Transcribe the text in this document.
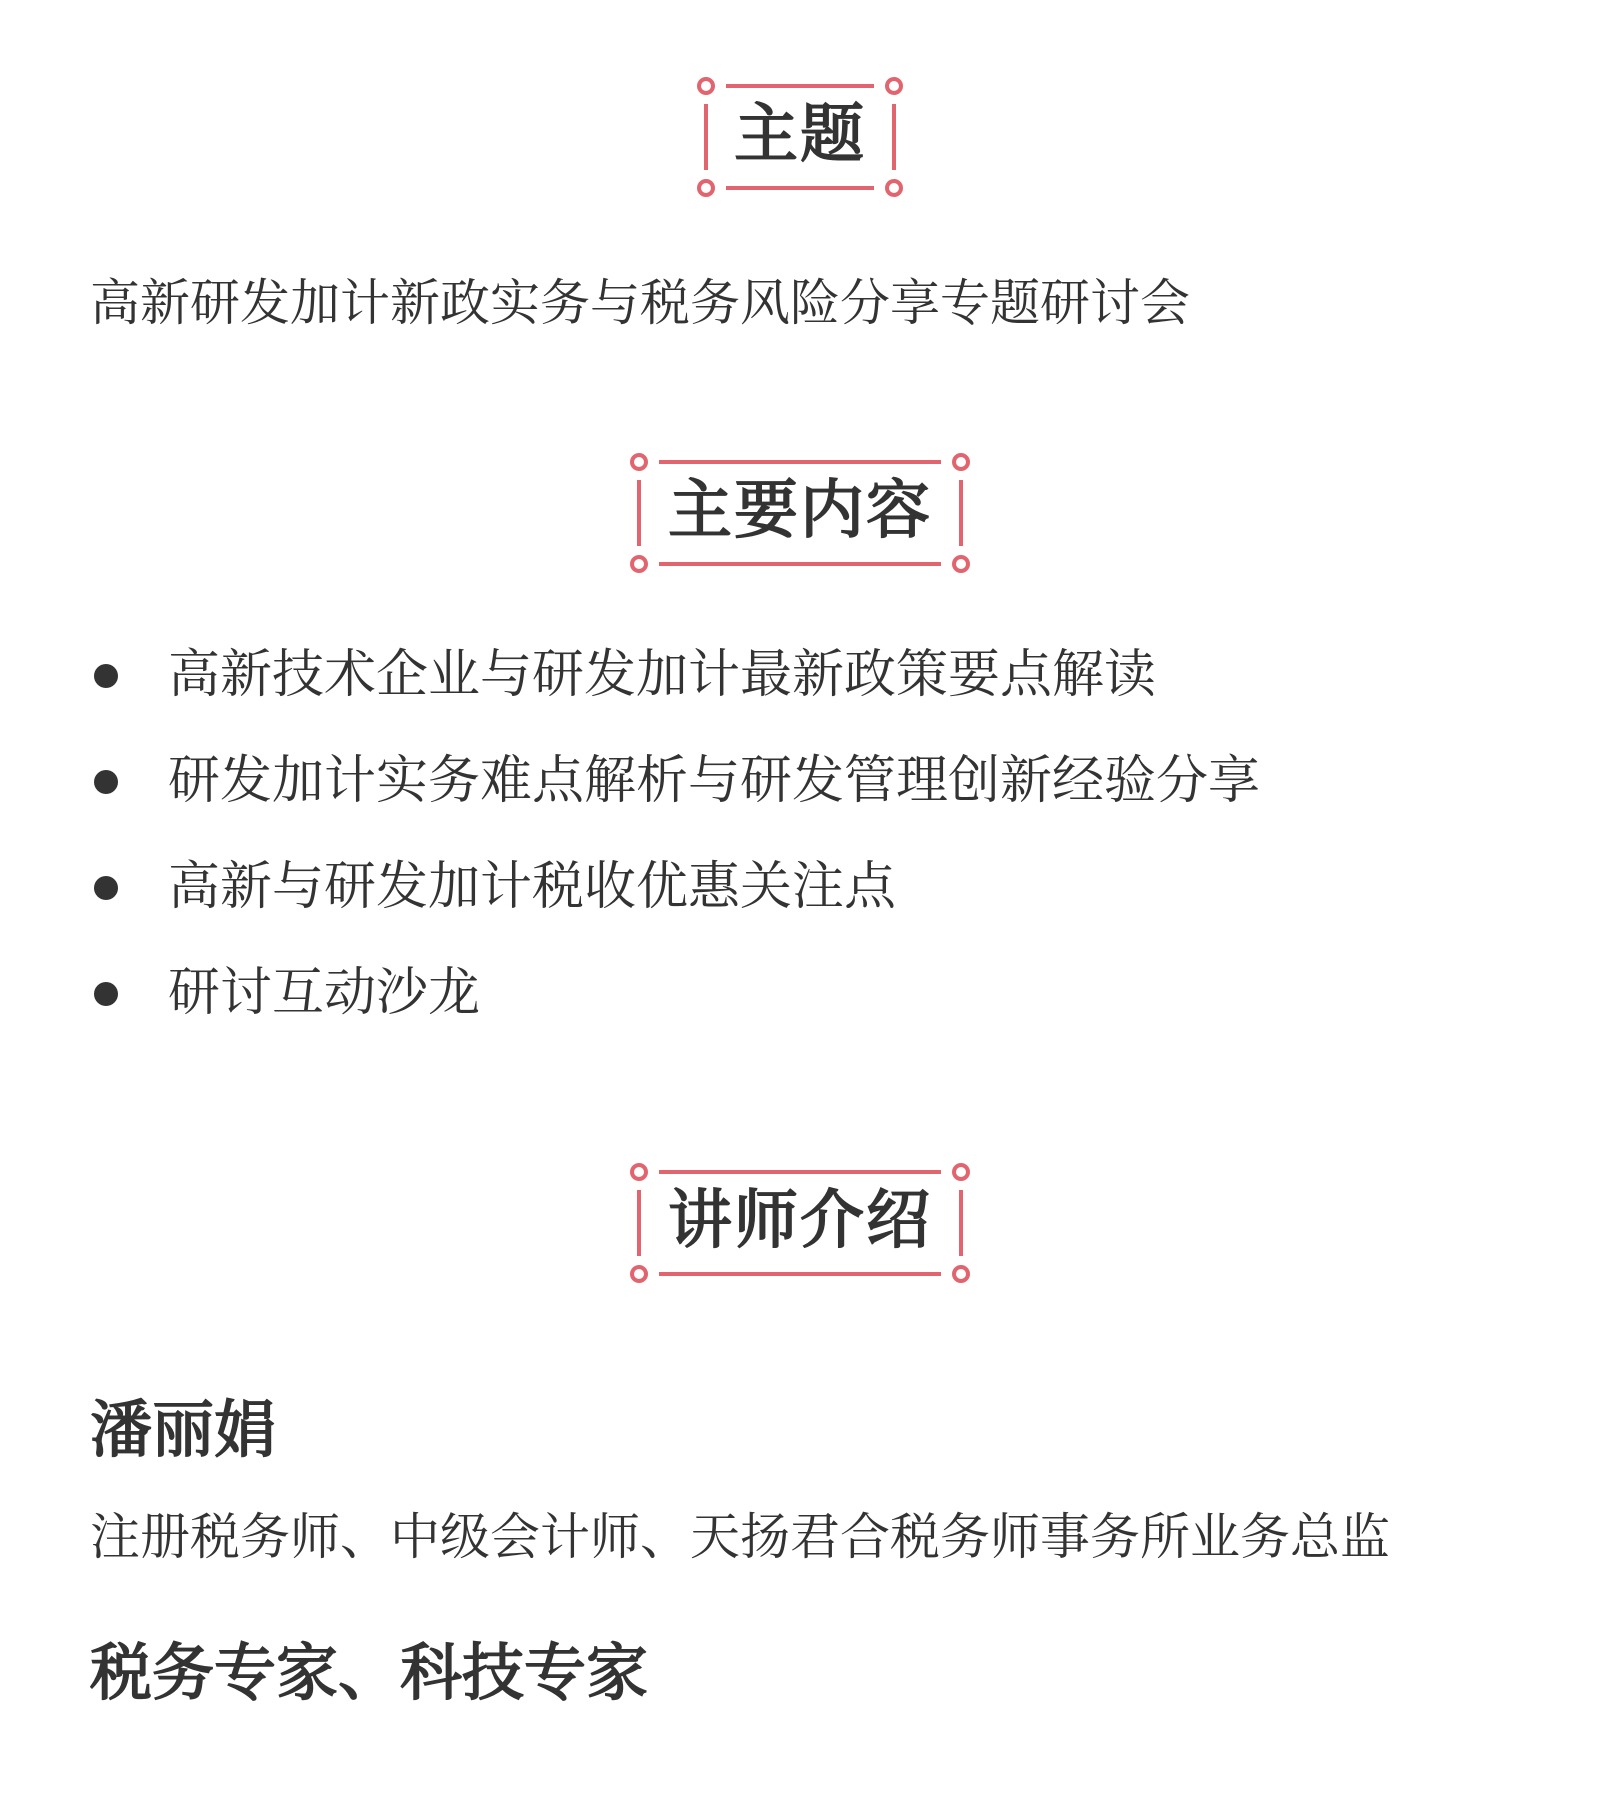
主题
高新研发加计新政实务与税务风险分享专题研讨会
主要内容
高新技术企业与研发加计最新政策要点解读
研发加计实务难点解析与研发管理创新经验分享
高新与研发加计税收优惠关注点
研讨互动沙龙
讲师介绍
潘丽娟
注册税务师、中级会计师、天扬君合税务师事务所业务总监
税务专家、科技专家
